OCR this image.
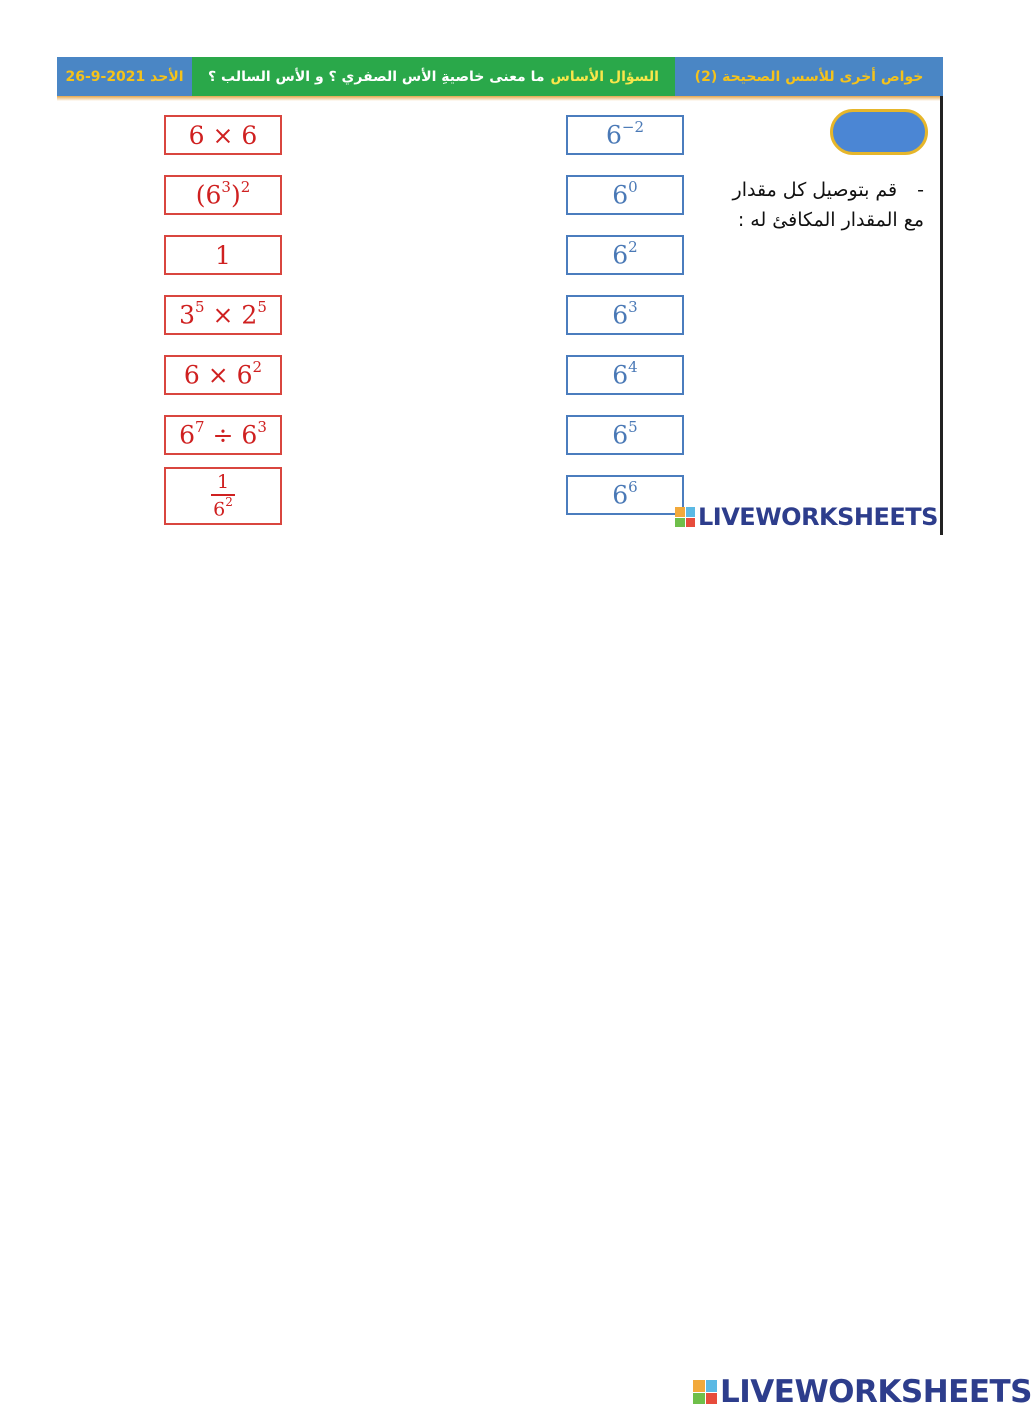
الأحد 2021-9-26	السؤال الأساس
ما معنى خاصيةِ الأس الصفري ؟ و الأس السالب ؟	خواص أخرى للأسس الصحيحة (2)
6 × 6
$(6^3)^2$
1
$3^5 \times 2^5$
$6 \times 6^2$
$6^7 \div 6^3$
$\frac{1}{6^2}$
$6^{-2}$
$6^0$
$6^2$
$6^3$
$6^4$
$6^5$
$6^6$
-قم بتوصيل كل مقدار
مع المقدار المكافئ له :
LIVEWORKSHEETS
LIVEWORKSHEETS
